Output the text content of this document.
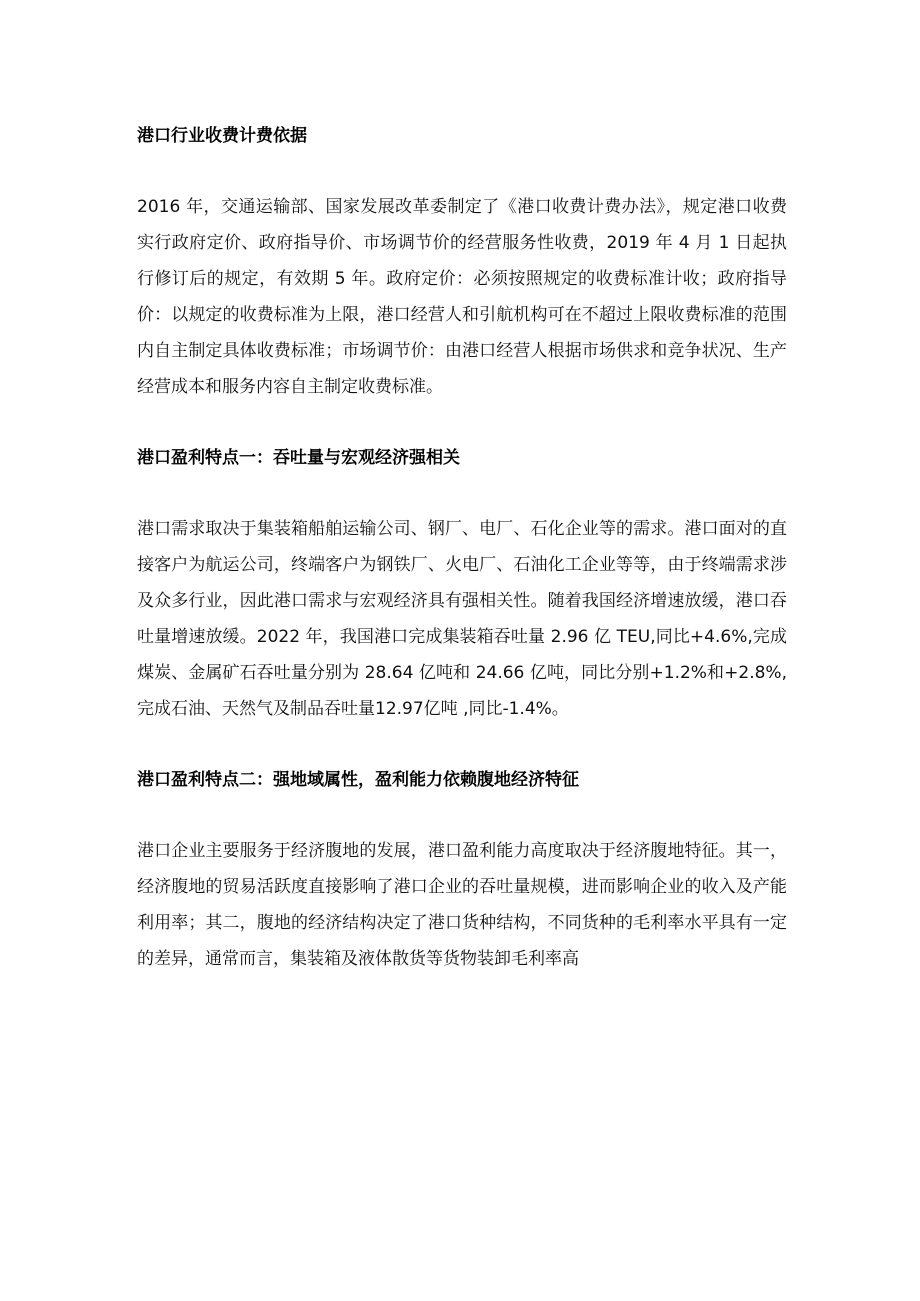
港口行业收费计费依据

2016 年，交通运输部、国家发展改革委制定了《港口收费计费办法》，规定港口收费实行政府定价、政府指导价、市场调节价的经营服务性收费，2019 年 4 月 1 日起执行修订后的规定，有效期 5 年。政府定价：必须按照规定的收费标准计收；政府指导价：以规定的收费标准为上限，港口经营人和引航机构可在不超过上限收费标准的范围内自主制定具体收费标准；市场调节价：由港口经营人根据市场供求和竞争状况、生产经营成本和服务内容自主制定收费标准。

港口盈利特点一：吞吐量与宏观经济强相关

港口需求取决于集装箱船舶运输公司、钢厂、电厂、石化企业等的需求。港口面对的直接客户为航运公司，终端客户为钢铁厂、火电厂、石油化工企业等等，由于终端需求涉及众多行业，因此港口需求与宏观经济具有强相关性。随着我国经济增速放缓，港口吞吐量增速放缓。2022 年，我国港口完成集装箱吞吐量 2.96 亿 TEU,同比+4.6%,完成煤炭、金属矿石吞吐量分别为 28.64 亿吨和 24.66 亿吨，同比分别+1.2%和+2.8%,完成石油、天然气及制品吞吐量12.97亿吨 ,同比-1.4%。

港口盈利特点二：强地域属性，盈利能力依赖腹地经济特征

港口企业主要服务于经济腹地的发展，港口盈利能力高度取决于经济腹地特征。其一，经济腹地的贸易活跃度直接影响了港口企业的吞吐量规模，进而影响企业的收入及产能利用率；其二，腹地的经济结构决定了港口货种结构，不同货种的毛利率水平具有一定的差异，通常而言，集装箱及液体散货等货物装卸毛利率高
